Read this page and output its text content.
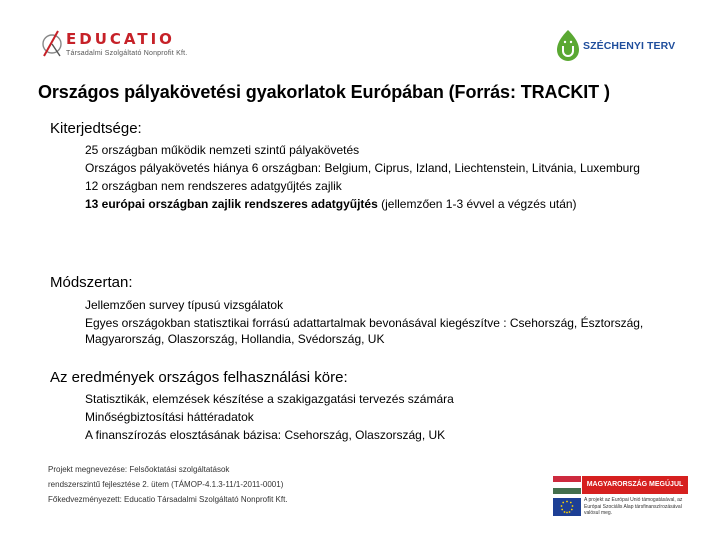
EDUCATIO
Társadalmi Szolgáltató Nonprofit Kft.
SZÉCHENYI TERV
Országos pályakövetési gyakorlatok Európában (Forrás: TRACKIT )
Kiterjedtsége:
25 országban működik nemzeti szintű pályakövetés
Országos pályakövetés hiánya 6 országban: Belgium, Ciprus, Izland, Liechtenstein, Litvánia, Luxemburg
12 országban nem rendszeres adatgyűjtés zajlik
13 európai országban zajlik rendszeres adatgyűjtés (jellemzően 1-3 évvel a végzés után)
Módszertan:
Jellemzően survey típusú vizsgálatok
Egyes országokban statisztikai forrású adattartalmak bevonásával kiegészítve : Csehország, Észtország, Magyarország, Olaszország, Hollandia, Svédország, UK
Az eredmények országos felhasználási köre:
Statisztikák, elemzések készítése a szakigazgatási tervezés számára
Minőségbiztosítási háttéradatok
A finanszírozás elosztásának bázisa: Csehország, Olaszország, UK
Projekt megnevezése: Felsőoktatási szolgáltatások
rendszerszintű fejlesztése 2. ütem (TÁMOP-4.1.3-11/1-2011-0001)
Főkedvezményezett: Educatio Társadalmi Szolgáltató Nonprofit Kft.
MAGYARORSZÁG MEGÚJUL
A projekt az Európai Unió támogatásával, az Európai Szociális Alap társfinanszírozásával valósul meg.
